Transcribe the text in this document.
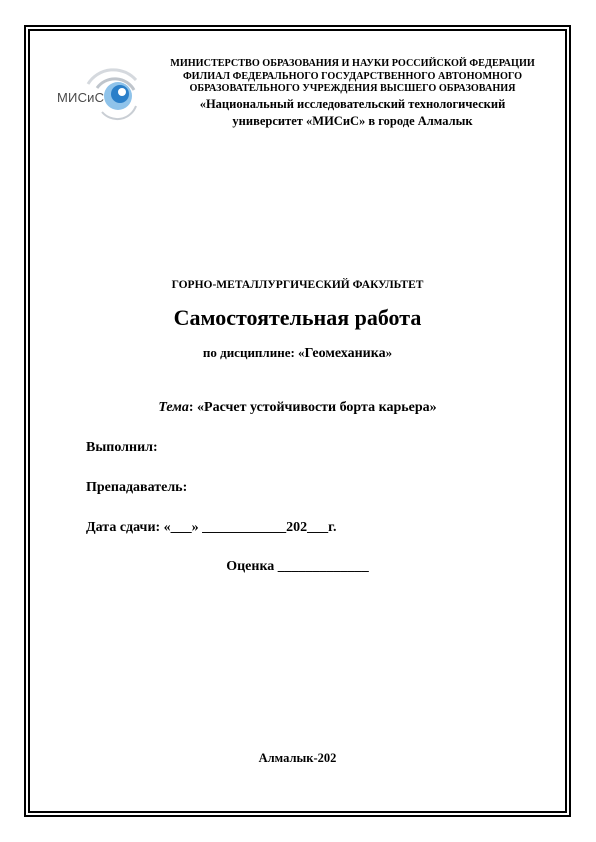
МИСиС
МИНИСТЕРСТВО ОБРАЗОВАНИЯ И НАУКИ РОССИЙСКОЙ ФЕДЕРАЦИИ
ФИЛИАЛ ФЕДЕРАЛЬНОГО ГОСУДАРСТВЕННОГО АВТОНОМНОГО
ОБРАЗОВАТЕЛЬНОГО УЧРЕЖДЕНИЯ ВЫСШЕГО ОБРАЗОВАНИЯ
«Национальный исследовательский технологический
университет «МИСиС» в городе Алмалык
ГОРНО-МЕТАЛЛУРГИЧЕСКИЙ ФАКУЛЬТЕТ
Самостоятельная работа
по дисциплине: «Геомеханика»
Тема: «Расчет устойчивости борта карьера»
Выполнил:
Препадаватель:
Дата сдачи: «___» ____________202___г.
Оценка _____________
Алмалык-202
